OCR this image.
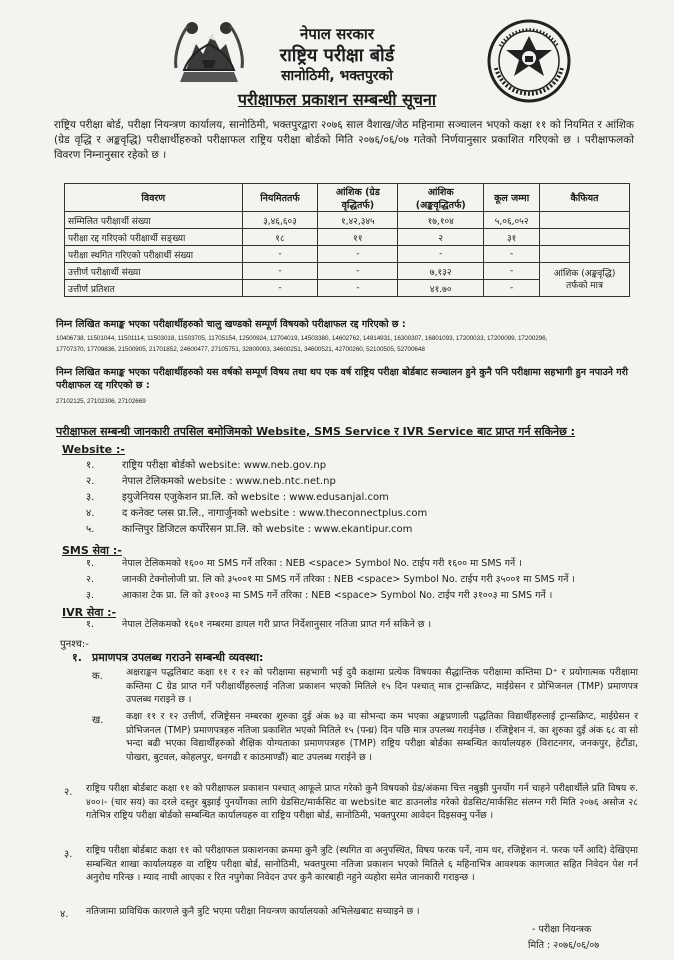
नेपाल सरकार
राष्ट्रिय परीक्षा बोर्ड
सानोठिमी, भक्तपुरको
परीक्षाफल प्रकाशन सम्बन्धी सूचना
राष्ट्रिय परीक्षा बोर्ड, परीक्षा नियन्त्रण कार्यालय, सानोठिमी, भक्तपुरद्वारा २०७६ साल वैशाख/जेठ महिनामा सञ्चालन भएको कक्षा ११ को नियमित र आंशिक (ग्रेड वृद्धि र अङ्कवृद्धि) परीक्षार्थीहरुको परीक्षाफल राष्ट्रिय परीक्षा बोर्डको मिति २०७६/०६/०७ गतेको निर्णयानुसार प्रकाशित गरिएको छ । परीक्षाफलको विवरण निम्नानुसार रहेको छ ।
विवरण	नियमिततर्फ	आंशिक (ग्रेड वृद्धितर्फ)	आंशिक (अङ्कवृद्धितर्फ)	कूल जम्मा	कैफियत
सम्मिलित परीक्षार्थी संख्या	३,४६,६०३	१,४२,३४५	१७,१०४	५,०६,०५२	
परीक्षा रद्द गरिएको परीक्षार्थी सङ्ख्या	१८	११	२	३१	
परीक्षा स्थगित गरिएको परीक्षार्थी संख्या	-	-	-	-	
उत्तीर्ण परीक्षार्थी संख्या	-	-	७,१३२	-	आंशिक (अङ्कवृद्धि) तर्फको मात्र
उत्तीर्ण प्रतिशत	-	-	४१.७०	-	
निम्न लिखित कमाङ्क भएका परीक्षार्थीहरुको चालु खण्डको सम्पूर्ण विषयको परीक्षाफल रद्द गरिएको छ :
10406738, 11501044, 11501114, 11503018, 11503705, 11705154, 12500924, 12704019, 14503380, 14602762, 14914931, 16300307, 16801093, 17200033, 17200099, 17200296,
17707370, 17709836, 21500905, 21701852, 24600477, 27105751, 32800003, 34600251, 34600521, 42700260, 52100505, 52700648
निम्न लिखित कमाङ्क भएका परीक्षार्थीहरुको यस वर्षको सम्पूर्ण विषय तथा थप एक वर्ष राष्ट्रिय परीक्षा बोर्डबाट सञ्चालन हुने कुनै पनि परीक्षामा सहभागी हुन नपाउने गरी परीक्षाफल रद्द गरिएको छ :
27102125, 27102306, 27102669
परीक्षाफल सम्बन्धी जानकारी तपसिल बमोजिमको Website, SMS Service र IVR Service बाट प्राप्त गर्न सकिनेछ :
Website :-
१.	राष्ट्रिय परीक्षा बोर्डको website: www.neb.gov.np
२.	नेपाल टेलिकमको website : www.neb.ntc.net.np
३.	इयुजेनियस एजुकेशन प्रा.लि. को website : www.edusanjal.com
४.	द कनेक्ट प्लस प्रा.लि., नागार्जुनको website : www.theconnectplus.com
५.	कान्तिपुर डिजिटल कर्पोरेसन प्रा.लि. को website : www.ekantipur.com
SMS सेवा :-
१.	नेपाल टेलिकमको १६०० मा SMS गर्ने तरिका : NEB <space> Symbol No. टाईप गरी १६०० मा SMS गर्ने ।
२.	जानकी टेक्नोलोजी प्रा. लि को ३५००१ मा SMS गर्ने तरिका : NEB <space> Symbol No. टाईप गरी ३५००१ मा SMS गर्ने ।
३.	आकाश टेक प्रा. लि को ३१००३ मा SMS गर्ने तरिका : NEB <space> Symbol No. टाईप गरी ३१००३ मा SMS गर्ने ।
IVR सेवा :-
१.	नेपाल टेलिकमको १६०१ नम्बरमा डायल गरी प्राप्त निर्देशानुसार नतिजा प्राप्त गर्न सकिने छ ।
पुनश्च:-
१. प्रमाणपत्र उपलब्ध गराउने सम्बन्धी व्यवस्था:
क. अक्षराङ्कन पद्धतिबाट कक्षा ११ र १२ को परीक्षामा सहभागी भई दुवै कक्षामा प्रत्येक विषयका सैद्धान्तिक परीक्षामा कम्तिमा D⁺ र प्रयोगात्मक परीक्षामा कम्तिमा C ग्रेड प्राप्त गर्ने परीक्षार्थीहरुलाई नतिजा प्रकाशन भएको मितिले १५ दिन पश्चात् मात्र ट्रान्सक्रिप्ट, माईग्रेसन र प्रोभिजनल (TMP) प्रमाणपत्र उपलब्ध गराइने छ ।
ख. कक्षा ११ र १२ उत्तीर्ण, रजिष्ट्रेसन नम्बरका शुरुका दुई अंक ७३ वा सोभन्दा कम भएका अङ्कप्रणाली पद्धतिका विद्यार्थीहरुलाई ट्रान्सक्रिप्ट, माईग्रेसन र प्रोभिजनल (TMP) प्रमाणपत्रहरु नतिजा प्रकाशित भएको मितिले १५ (पन्ध्र) दिन पछि मात्र उपलब्ध गराईनेछ । रजिष्ट्रेशन नं. का शुरुका दुई अंक ६८ वा सो भन्दा बढी भएका विद्यार्थीहरुको शैक्षिक योग्यताका प्रमाणपत्रहरु (TMP) राष्ट्रिय परीक्षा बोर्डका सम्बन्धित कार्यालयहरु (विराटनगर, जनकपुर, हेटौंडा, पोखरा, बुटवल, कोहलपुर, धनगढी र काठमाण्डौं) बाट उपलब्ध गराईने छ ।
२. राष्ट्रिय परीक्षा बोर्डबाट कक्षा ११ को परीक्षाफल प्रकाशन पश्चात् आफूले प्राप्त गरेको कुनै विषयको ग्रेड/अंकमा चित्त नबुझी पुनर्योग गर्न चाहने परीक्षार्थीले प्रति विषय रु. ४००।- (चार सय) का दरले दस्तुर बुझाई पुनर्योगका लागि ग्रेडसिट/मार्कसिट वा website बाट डाउनलोड गरेको ग्रेडसिट/मार्कसिट संलग्न गरी मिति २०७६ असोज २८ गतेभित्र राष्ट्रिय परीक्षा बोर्डको सम्बन्धित कार्यालयहरु वा राष्ट्रिय परीक्षा बोर्ड, सानोठिमी, भक्तपुरमा आवेदन दिइसक्नु पर्नेछ ।
३. राष्ट्रिय परीक्षा बोर्डबाट कक्षा ११ को परीक्षाफल प्रकाशनका क्रममा कुनै त्रुटि (स्थगित वा अनुपस्थित, विषय फरक पर्ने, नाम थर, रजिष्ट्रेशन नं. फरक पर्ने आदि) देखिएमा सम्बन्धित शाखा कार्यालयहरु वा राष्ट्रिय परीक्षा बोर्ड, सानोठिमी, भक्तपुरमा नतिजा प्रकाशन भएको मितिले ६ महिनाभित्र आवश्यक कागजात सहित निवेदन पेश गर्न अनुरोध गरिन्छ । म्याद नाघी आएका र रित नपुगेका निवेदन उपर कुनै कारबाही नहुने व्यहोरा समेत जानकारी गराइन्छ ।
४. नतिजामा प्राविधिक कारणले कुनै त्रुटि भएमा परीक्षा नियन्त्रण कार्यालयको अभिलेखबाट सच्याइने छ ।
- परीक्षा नियन्त्रक
मिति : २०७६/०६/०७
